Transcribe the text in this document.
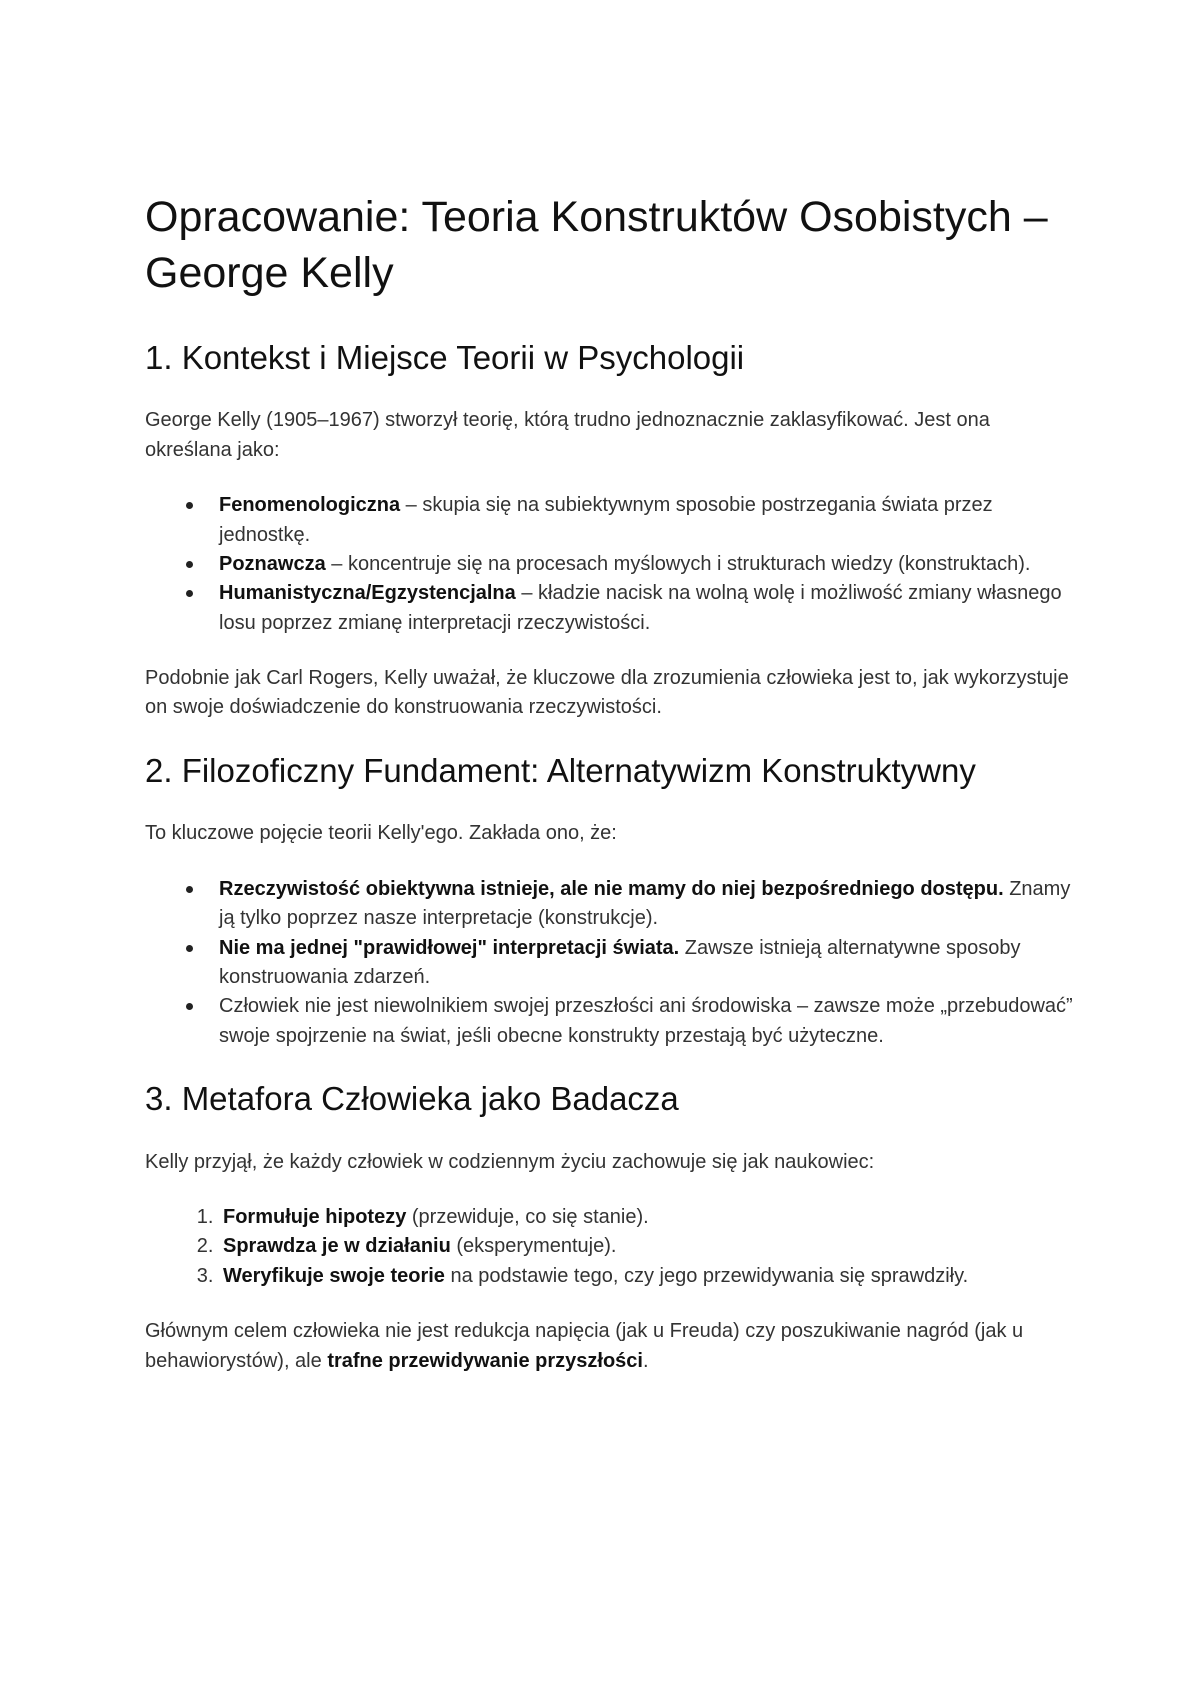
Opracowanie: Teoria Konstruktów Osobistych – George Kelly
1. Kontekst i Miejsce Teorii w Psychologii

George Kelly (1905–1967) stworzył teorię, którą trudno jednoznacznie zaklasyfikować. Jest ona określana jako:

Fenomenologiczna – skupia się na subiektywnym sposobie postrzegania świata przez jednostkę.
Poznawcza – koncentruje się na procesach myślowych i strukturach wiedzy (konstruktach).
Humanistyczna/Egzystencjalna – kładzie nacisk na wolną wolę i możliwość zmiany własnego losu poprzez zmianę interpretacji rzeczywistości.

Podobnie jak Carl Rogers, Kelly uważał, że kluczowe dla zrozumienia człowieka jest to, jak wykorzystuje on swoje doświadczenie do konstruowania rzeczywistości.

2. Filozoficzny Fundament: Alternatywizm Konstruktywny

To kluczowe pojęcie teorii Kelly'ego. Zakłada ono, że:

Rzeczywistość obiektywna istnieje, ale nie mamy do niej bezpośredniego dostępu. Znamy ją tylko poprzez nasze interpretacje (konstrukcje).
Nie ma jednej "prawidłowej" interpretacji świata. Zawsze istnieją alternatywne sposoby konstruowania zdarzeń.
Człowiek nie jest niewolnikiem swojej przeszłości ani środowiska – zawsze może „przebudować” swoje spojrzenie na świat, jeśli obecne konstrukty przestają być użyteczne.
3. Metafora Człowieka jako Badacza

Kelly przyjął, że każdy człowiek w codziennym życiu zachowuje się jak naukowiec:

1. Formułuje hipotezy (przewiduje, co się stanie).
2. Sprawdza je w działaniu (eksperymentuje).
3. Weryfikuje swoje teorie na podstawie tego, czy jego przewidywania się sprawdziły.

Głównym celem człowieka nie jest redukcja napięcia (jak u Freuda) czy poszukiwanie nagród (jak u behawiorystów), ale trafne przewidywanie przyszłości.
